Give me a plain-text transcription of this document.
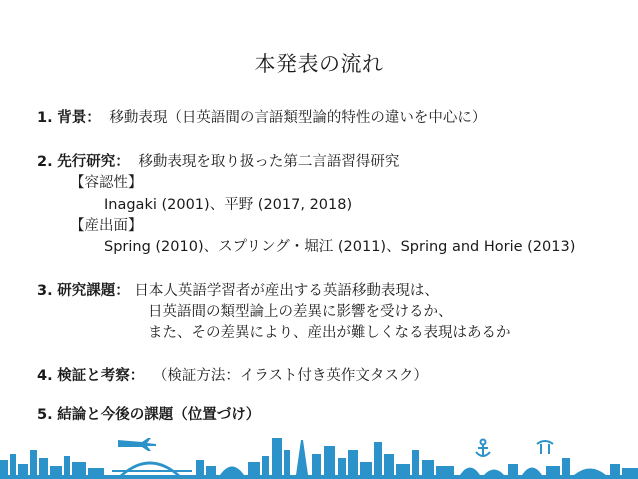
本発表の流れ
1. 背景： 移動表現（日英語間の言語類型論的特性の違いを中心に）
2. 先行研究： 移動表現を取り扱った第二言語習得研究
【容認性】
Inagaki (2001)、平野 (2017, 2018)
【産出面】
Spring (2010)、スプリング・堀江 (2011)、Spring and Horie (2013)
3. 研究課題： 日本人英語学習者が産出する英語移動表現は、
日英語間の類型論上の差異に影響を受けるか、
また、その差異により、産出が難しくなる表現はあるか
4. 検証と考察： （検証方法：イラスト付き英作文タスク）
5. 結論と今後の課題（位置づけ）
